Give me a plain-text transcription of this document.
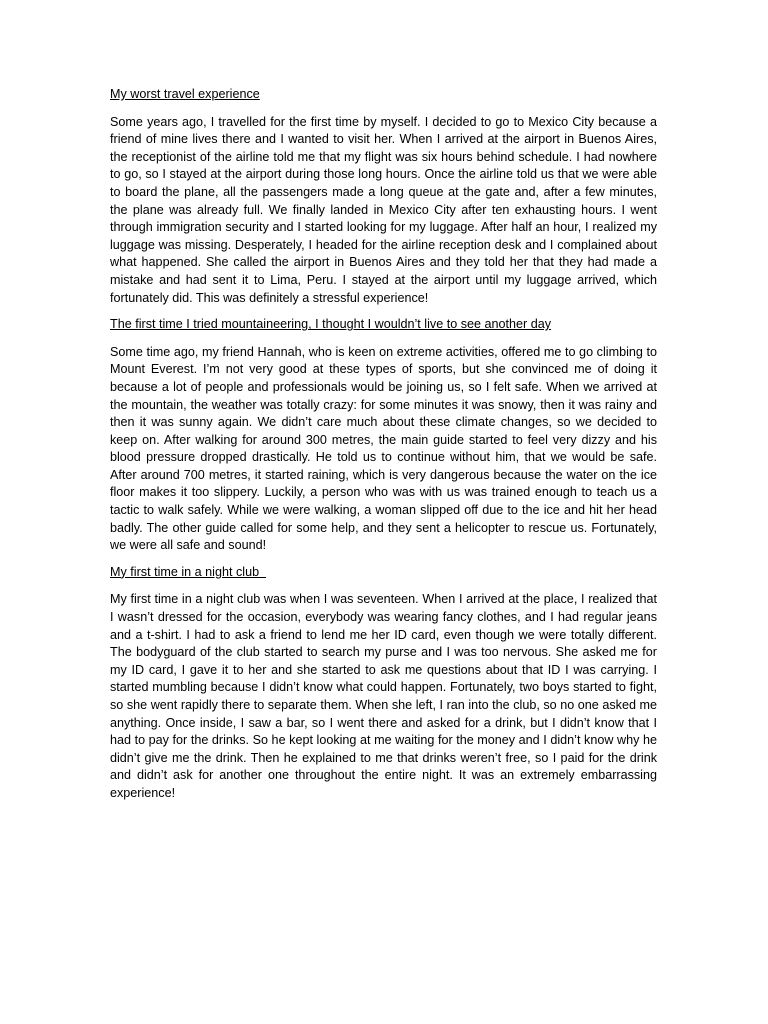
My worst travel experience

Some years ago, I travelled for the first time by myself. I decided to go to Mexico City because a friend of mine lives there and I wanted to visit her. When I arrived at the airport in Buenos Aires, the receptionist of the airline told me that my flight was six hours behind schedule. I had nowhere to go, so I stayed at the airport during those long hours. Once the airline told us that we were able to board the plane, all the passengers made a long queue at the gate and, after a few minutes, the plane was already full. We finally landed in Mexico City after ten exhausting hours. I went through immigration security and I started looking for my luggage. After half an hour, I realized my luggage was missing. Desperately, I headed for the airline reception desk and I complained about what happened. She called the airport in Buenos Aires and they told her that they had made a mistake and had sent it to Lima, Peru. I stayed at the airport until my luggage arrived, which fortunately did. This was definitely a stressful experience!

The first time I tried mountaineering, I thought I wouldn’t live to see another day

Some time ago, my friend Hannah, who is keen on extreme activities, offered me to go climbing to Mount Everest. I’m not very good at these types of sports, but she convinced me of doing it because a lot of people and professionals would be joining us, so I felt safe. When we arrived at the mountain, the weather was totally crazy: for some minutes it was snowy, then it was rainy and then it was sunny again. We didn’t care much about these climate changes, so we decided to keep on. After walking for around 300 metres, the main guide started to feel very dizzy and his blood pressure dropped drastically. He told us to continue without him, that we would be safe. After around 700 metres, it started raining, which is very dangerous because the water on the ice floor makes it too slippery. Luckily, a person who was with us was trained enough to teach us a tactic to walk safely. While we were walking, a woman slipped off due to the ice and hit her head badly. The other guide called for some help, and they sent a helicopter to rescue us. Fortunately, we were all safe and sound!

My first time in a night club

My first time in a night club was when I was seventeen. When I arrived at the place, I realized that I wasn’t dressed for the occasion, everybody was wearing fancy clothes, and I had regular jeans and a t-shirt. I had to ask a friend to lend me her ID card, even though we were totally different. The bodyguard of the club started to search my purse and I was too nervous. She asked me for my ID card, I gave it to her and she started to ask me questions about that ID I was carrying. I started mumbling because I didn’t know what could happen. Fortunately, two boys started to fight, so she went rapidly there to separate them. When she left, I ran into the club, so no one asked me anything. Once inside, I saw a bar, so I went there and asked for a drink, but I didn’t know that I had to pay for the drinks. So he kept looking at me waiting for the money and I didn’t know why he didn’t give me the drink. Then he explained to me that drinks weren’t free, so I paid for the drink and didn’t ask for another one throughout the entire night. It was an extremely embarrassing experience!
